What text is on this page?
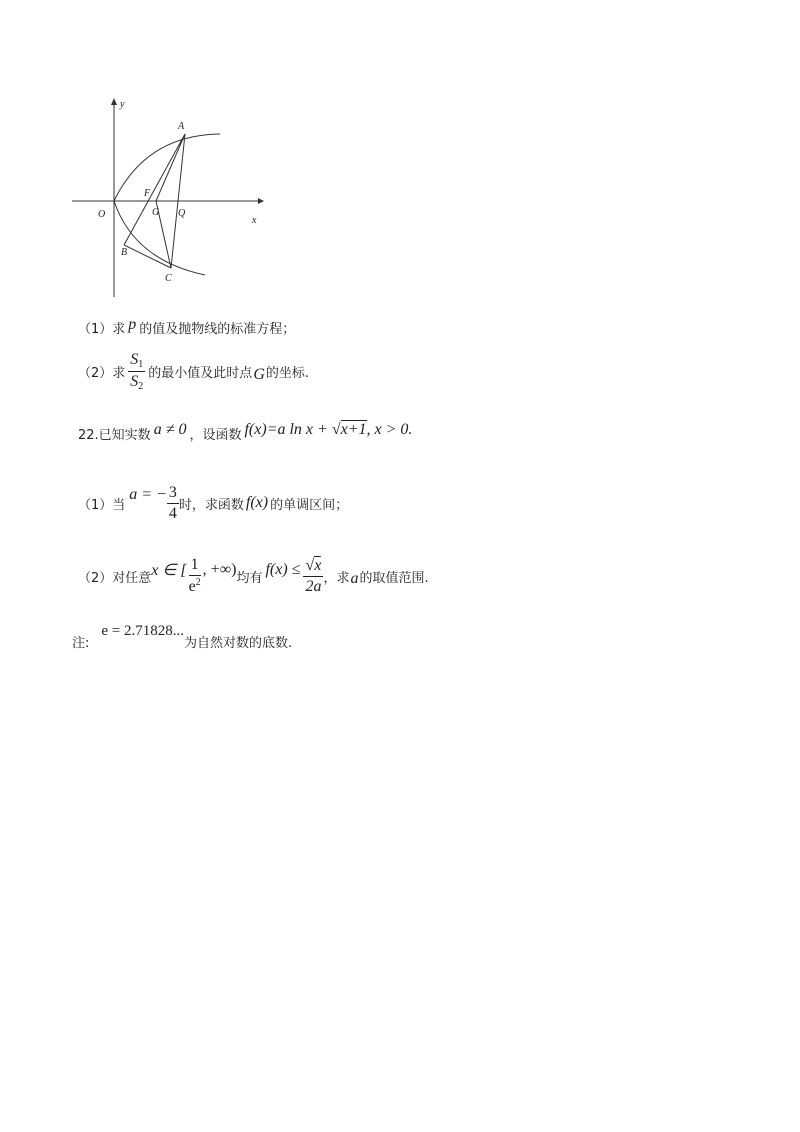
y
x
O
A
F
G Q
B
C
（1）求 p 的值及抛物线的标准方程；
（2） 求 $\frac{S_1}{S_2}$ 的最小值及此时点 G 的坐标.
22.已知实数 a ≠ 0 ，设函数 f(x)=a ln x + √x+1, x > 0.
（1） 当
a = − $\frac{3}{4}$ 时，求函数 f(x) 的单调区间；
（2） 对任意 x ∈ [ $\frac{1}{e^2}$ , +∞) 均有 $f(x) \le \frac{√x}{2a}$ ，求 a 的取值范围.
注:
e = 2.71828...
为自然对数的底数.
